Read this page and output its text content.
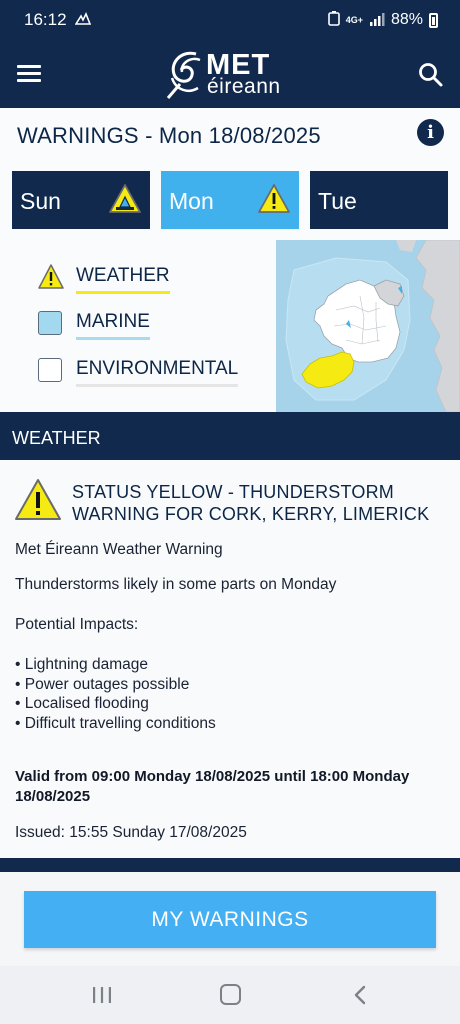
16:12	4G+ 88%
MET
éireann
WARNINGS - Mon 18/08/2025	i
Sun	Mon	Tue
WEATHER
MARINE
ENVIRONMENTAL
WEATHER
STATUS YELLOW - THUNDERSTORM WARNING FOR CORK, KERRY, LIMERICK
Met Éireann Weather Warning
Thunderstorms likely in some parts on Monday
Potential Impacts:
• Lightning damage
• Power outages possible
• Localised flooding
• Difficult travelling conditions
Valid from 09:00 Monday 18/08/2025 until 18:00 Monday 18/08/2025
Issued: 15:55 Sunday 17/08/2025
MY WARNINGS
